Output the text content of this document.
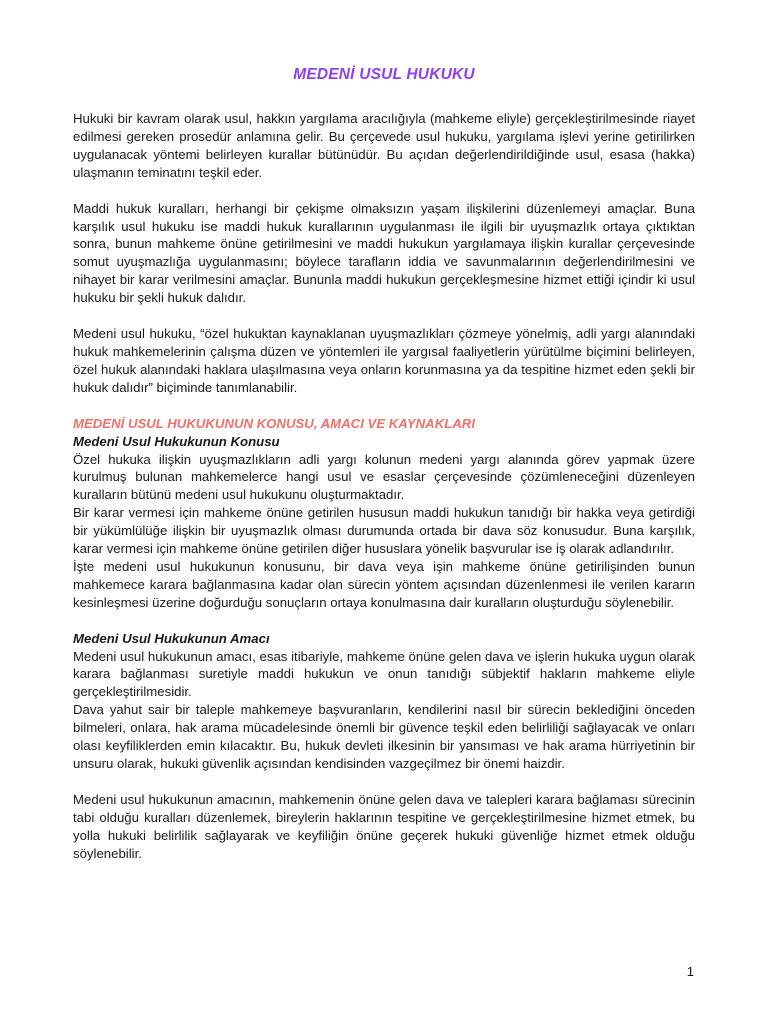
MEDENİ USUL HUKUKU

Hukuki bir kavram olarak usul, hakkın yargılama aracılığıyla (mahkeme eliyle) gerçekleştirilmesinde riayet edilmesi gereken prosedür anlamına gelir. Bu çerçevede usul hukuku, yargılama işlevi yerine getirilirken uygulanacak yöntemi belirleyen kurallar bütünüdür. Bu açıdan değerlendirildiğinde usul, esasa (hakka) ulaşmanın teminatını teşkil eder.

Maddi hukuk kuralları, herhangi bir çekişme olmaksızın yaşam ilişkilerini düzenlemeyi amaçlar. Buna karşılık usul hukuku ise maddi hukuk kurallarının uygulanması ile ilgili bir uyuşmazlık ortaya çıktıktan sonra, bunun mahkeme önüne getirilmesini ve maddi hukukun yargılamaya ilişkin kurallar çerçevesinde somut uyuşmazlığa uygulanmasını; böylece tarafların iddia ve savunmalarının değerlendirilmesini ve nihayet bir karar verilmesini amaçlar. Bununla maddi hukukun gerçekleşmesine hizmet ettiği içindir ki usul hukuku bir şekli hukuk dalıdır.

Medeni usul hukuku, “özel hukuktan kaynaklanan uyuşmazlıkları çözmeye yönelmiş, adli yargı alanındaki hukuk mahkemelerinin çalışma düzen ve yöntemleri ile yargısal faaliyetlerin yürütülme biçimini belirleyen, özel hukuk alanındaki haklara ulaşılmasına veya onların korunmasına ya da tespitine hizmet eden şekli bir hukuk dalıdır” biçiminde tanımlanabilir.

MEDENİ USUL HUKUKUNUN KONUSU, AMACI VE KAYNAKLARI
Medeni Usul Hukukunun Konusu

Özel hukuka ilişkin uyuşmazlıkların adli yargı kolunun medeni yargı alanında görev yapmak üzere kurulmuş bulunan mahkemelerce hangi usul ve esaslar çerçevesinde çözümleneceğini düzenleyen kuralların bütünü medeni usul hukukunu oluşturmaktadır.

Bir karar vermesi için mahkeme önüne getirilen hususun maddi hukukun tanıdığı bir hakka veya getirdiği bir yükümlülüğe ilişkin bir uyuşmazlık olması durumunda ortada bir dava söz konusudur. Buna karşılık, karar vermesi için mahkeme önüne getirilen diğer hususlara yönelik başvurular ise iş olarak adlandırılır.

İşte medeni usul hukukunun konusunu, bir dava veya işin mahkeme önüne getirilişinden bunun mahkemece karara bağlanmasına kadar olan sürecin yöntem açısından düzenlenmesi ile verilen kararın kesinleşmesi üzerine doğurduğu sonuçların ortaya konulmasına dair kuralların oluşturduğu söylenebilir.

Medeni Usul Hukukunun Amacı

Medeni usul hukukunun amacı, esas itibariyle, mahkeme önüne gelen dava ve işlerin hukuka uygun olarak karara bağlanması suretiyle maddi hukukun ve onun tanıdığı sübjektif hakların mahkeme eliyle gerçekleştirilmesidir.

Dava yahut sair bir taleple mahkemeye başvuranların, kendilerini nasıl bir sürecin beklediğini önceden bilmeleri, onlara, hak arama mücadelesinde önemli bir güvence teşkil eden belirliliği sağlayacak ve onları olası keyfiliklerden emin kılacaktır. Bu, hukuk devleti ilkesinin bir yansıması ve hak arama hürriyetinin bir unsuru olarak, hukuki güvenlik açısından kendisinden vazgeçilmez bir önemi haizdir.

Medeni usul hukukunun amacının, mahkemenin önüne gelen dava ve talepleri karara bağlaması sürecinin tabi olduğu kuralları düzenlemek, bireylerin haklarının tespitine ve gerçekleştirilmesine hizmet etmek, bu yolla hukuki belirlilik sağlayarak ve keyfiliğin önüne geçerek hukuki güvenliğe hizmet etmek olduğu söylenebilir.

1
